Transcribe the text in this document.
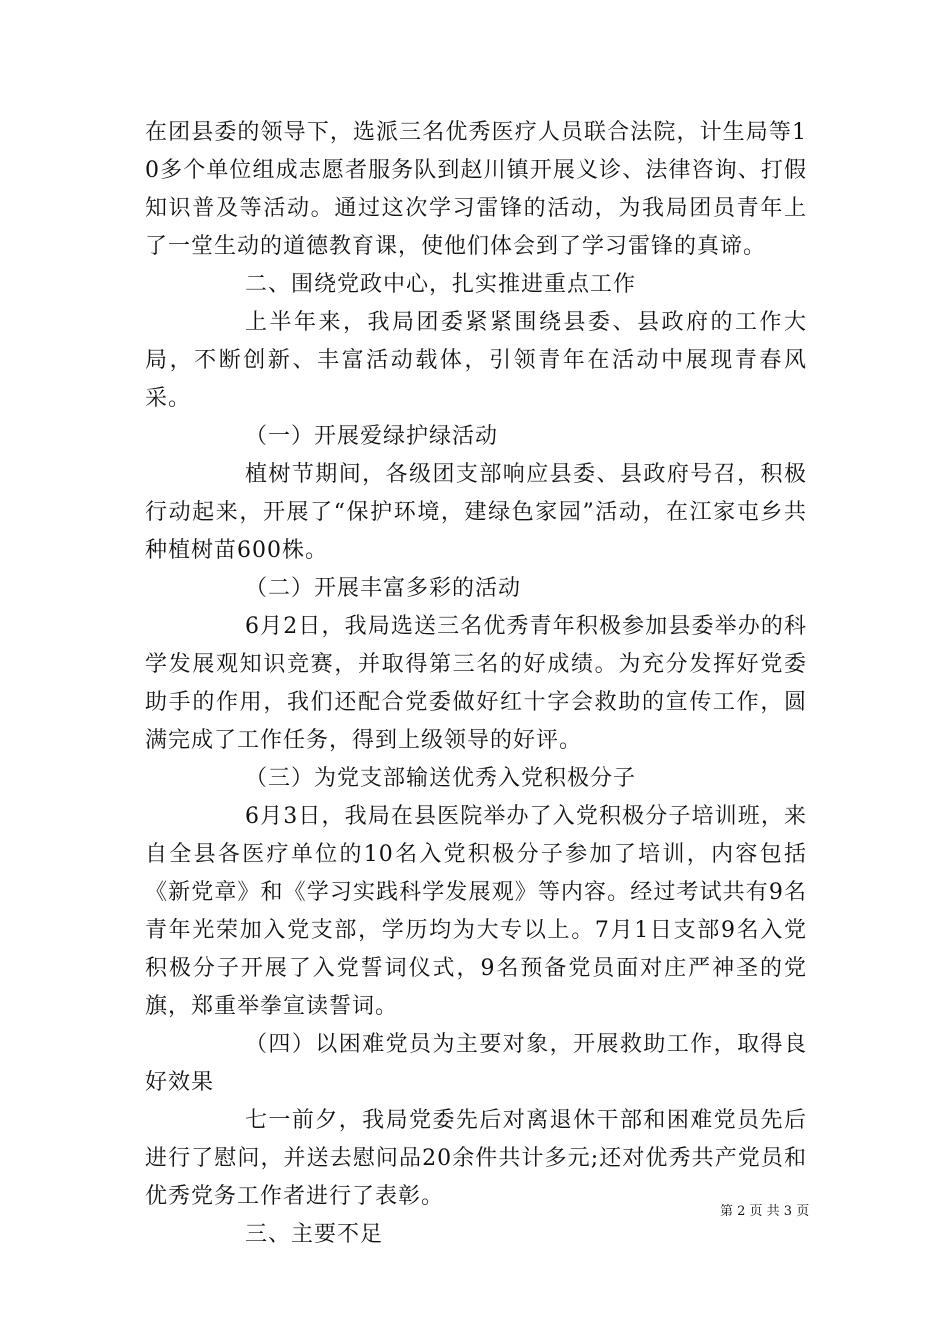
在团县委的领导下，选派三名优秀医疗人员联合法院，计生局等10多个单位组成志愿者服务队到赵川镇开展义诊、法律咨询、打假知识普及等活动。通过这次学习雷锋的活动，为我局团员青年上了一堂生动的道德教育课，使他们体会到了学习雷锋的真谛。

二、围绕党政中心，扎实推进重点工作

上半年来，我局团委紧紧围绕县委、县政府的工作大局，不断创新、丰富活动载体，引领青年在活动中展现青春风采。

（一）开展爱绿护绿活动

植树节期间，各级团支部响应县委、县政府号召，积极行动起来，开展了“保护环境，建绿色家园”活动，在江家屯乡共种植树苗600株。

（二）开展丰富多彩的活动

6月2日，我局选送三名优秀青年积极参加县委举办的科学发展观知识竞赛，并取得第三名的好成绩。为充分发挥好党委助手的作用，我们还配合党委做好红十字会救助的宣传工作，圆满完成了工作任务，得到上级领导的好评。

（三）为党支部输送优秀入党积极分子

6月3日，我局在县医院举办了入党积极分子培训班，来自全县各医疗单位的10名入党积极分子参加了培训，内容包括《新党章》和《学习实践科学发展观》等内容。经过考试共有9名青年光荣加入党支部，学历均为大专以上。7月1日支部9名入党积极分子开展了入党誓词仪式，9名预备党员面对庄严神圣的党旗，郑重举拳宣读誓词。

（四）以困难党员为主要对象，开展救助工作，取得良好效果

七一前夕，我局党委先后对离退休干部和困难党员先后进行了慰问，并送去慰问品20余件共计多元;还对优秀共产党员和优秀党务工作者进行了表彰。

三、主要不足

第 2 页 共 3 页
